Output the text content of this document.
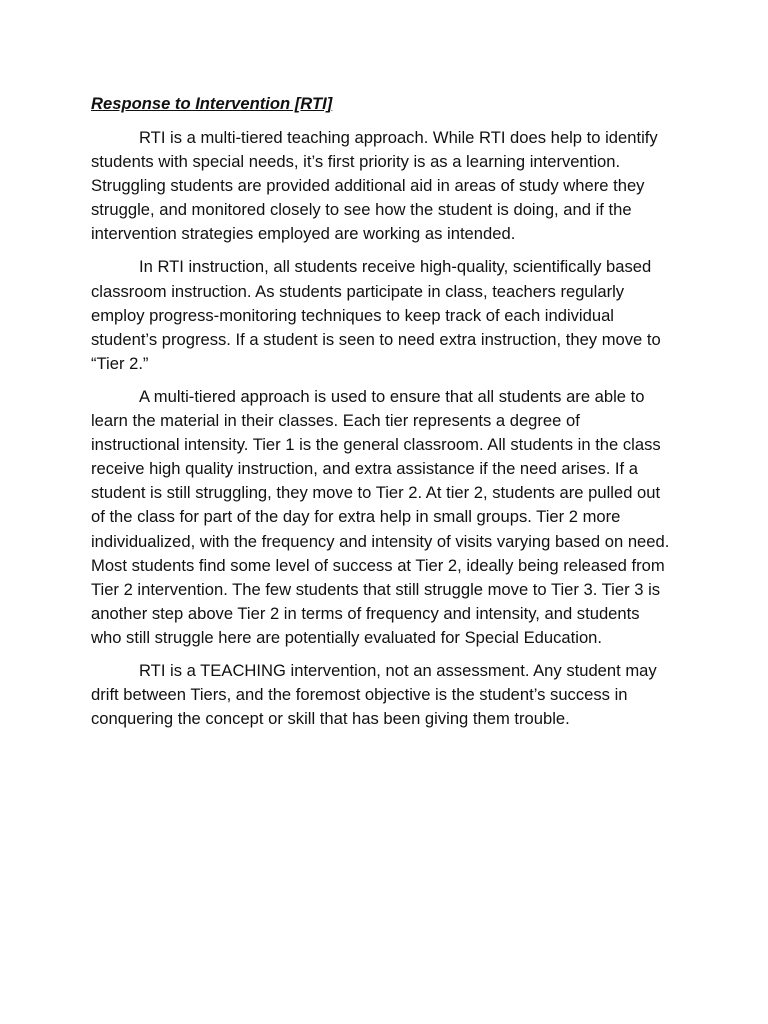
Response to Intervention [RTI]

RTI is a multi-tiered teaching approach. While RTI does help to identify students with special needs, it’s first priority is as a learning intervention. Struggling students are provided additional aid in areas of study where they struggle, and monitored closely to see how the student is doing, and if the intervention strategies employed are working as intended.

In RTI instruction, all students receive high-quality, scientifically based classroom instruction. As students participate in class, teachers regularly employ progress-monitoring techniques to keep track of each individual student’s progress. If a student is seen to need extra instruction, they move to “Tier 2.”

A multi-tiered approach is used to ensure that all students are able to learn the material in their classes. Each tier represents a degree of instructional intensity. Tier 1 is the general classroom. All students in the class receive high quality instruction, and extra assistance if the need arises. If a student is still struggling, they move to Tier 2. At tier 2, students are pulled out of the class for part of the day for extra help in small groups. Tier 2 more individualized, with the frequency and intensity of visits varying based on need. Most students find some level of success at Tier 2, ideally being released from Tier 2 intervention. The few students that still struggle move to Tier 3. Tier 3 is another step above Tier 2 in terms of frequency and intensity, and students who still struggle here are potentially evaluated for Special Education.

RTI is a TEACHING intervention, not an assessment. Any student may drift between Tiers, and the foremost objective is the student’s success in conquering the concept or skill that has been giving them trouble.
